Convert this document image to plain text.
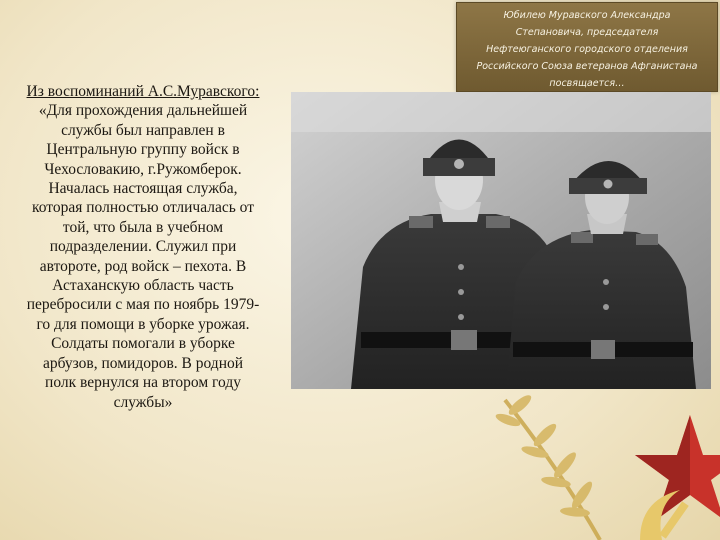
Юбилею Муравского Александра
Степановича, председателя
Нефтеюганского городского отделения
Российского Союза ветеранов Афганистана
посвящается…
Из воспоминаний А.С.Муравского:
«Для прохождения дальнейшей
службы был направлен в
Центральную группу войск в
Чехословакию, г.Ружомберок.
Началась настоящая служба,
которая полностью отличалась от
той, что была в учебном
подразделении. Служил при
автороте, род войск – пехота. В
Астаханскую область часть
перебросили с мая по ноябрь 1979-
го для помощи в уборке урожая.
Солдаты помогали в уборке
арбузов, помидоров. В родной
полк вернулся на втором году
службы»
